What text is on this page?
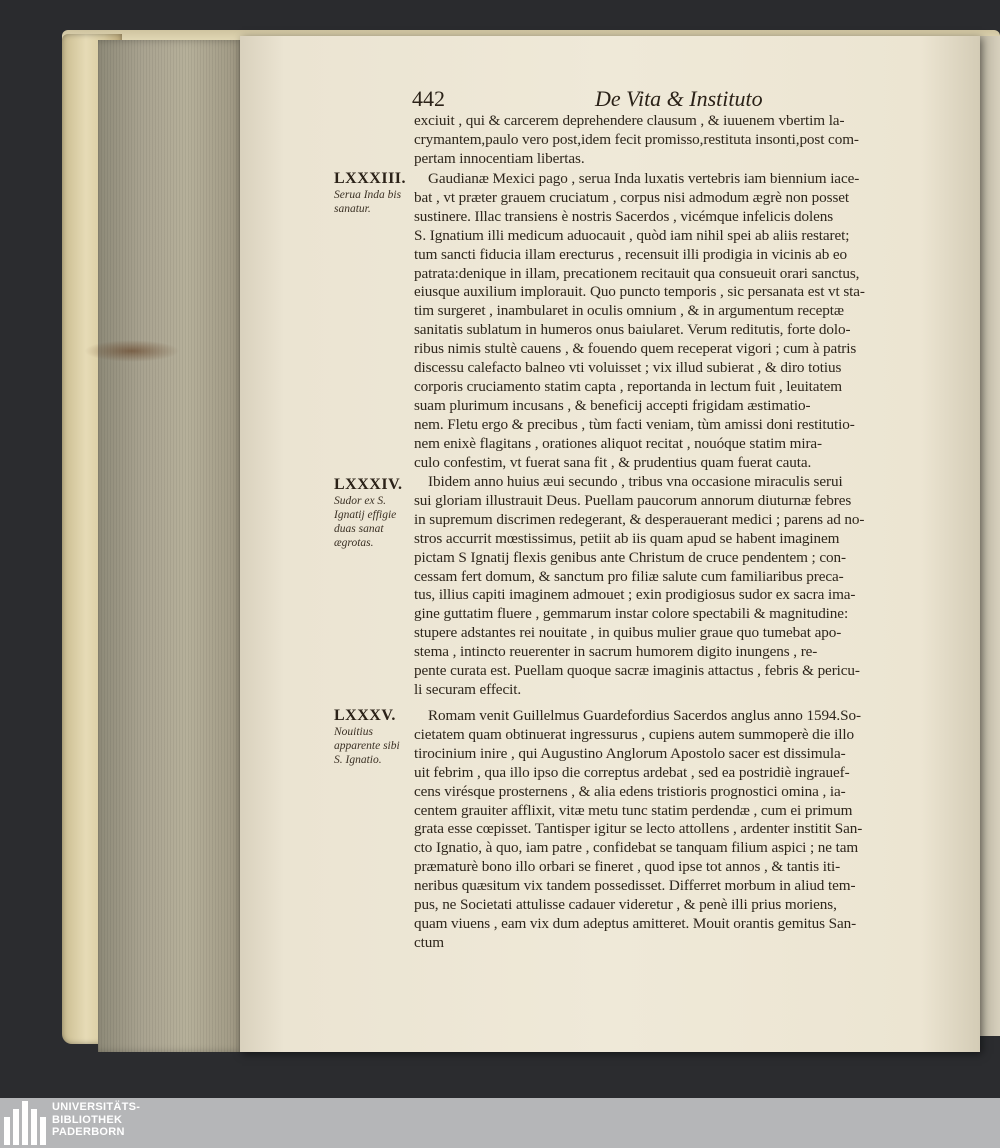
442	De Vita & Instituto
LXXXIII.
Serua Inda bis sanatur.
LXXXIV.
Sudor ex S. Ignatij effigie duas sanat ægrotas.
LXXXV.
Nouitius apparente sibi S. Ignatio.
exciuit , qui & carcerem deprehendere clausum , & iuuenem vbertim la-
crymantem,paulo vero post,idem fecit promisso,restituta insonti,post com-
pertam innocentiam libertas.
Gaudianæ Mexici pago , serua Inda luxatis vertebris iam biennium iace-
bat , vt præter grauem cruciatum , corpus nisi admodum ægrè non posset
sustinere. Illac transiens è nostris Sacerdos , vicémque infelicis dolens
S. Ignatium illi medicum aduocauit , quòd iam nihil spei ab aliis restaret;
tum sancti fiducia illam erecturus , recensuit illi prodigia in vicinis ab eo
patrata:denique in illam, precationem recitauit qua consueuit orari sanctus,
eiusque auxilium implorauit. Quo puncto temporis , sic persanata est vt sta-
tim surgeret , inambularet in oculis omnium , & in argumentum receptæ
sanitatis sublatum in humeros onus baiularet. Verum reditutis, forte dolo-
ribus nimis stultè cauens , & fouendo quem receperat vigori ; cum à patris
discessu calefacto balneo vti voluisset ; vix illud subierat , & diro totius
corporis cruciamento statim capta , reportanda in lectum fuit , leuitatem
suam plurimum incusans , & beneficij accepti frigidam æstimatio-
nem. Fletu ergo & precibus , tùm facti veniam, tùm amissi doni restitutio-
nem enixè flagitans , orationes aliquot recitat , nouóque statim mira-
culo confestim, vt fuerat sana fit , & prudentius quam fuerat cauta.
Ibidem anno huius æui secundo , tribus vna occasione miraculis serui
sui gloriam illustrauit Deus. Puellam paucorum annorum diuturnæ febres
in supremum discrimen redegerant, & desperauerant medici ; parens ad no-
stros accurrit mœstissimus, petiit ab iis quam apud se habent imaginem
pictam S Ignatij flexis genibus ante Christum de cruce pendentem ; con-
cessam fert domum, & sanctum pro filiæ salute cum familiaribus preca-
tus, illius capiti imaginem admouet ; exin prodigiosus sudor ex sacra ima-
gine guttatim fluere , gemmarum instar colore spectabili & magnitudine:
stupere adstantes rei nouitate , in quibus mulier graue quo tumebat apo-
stema , intincto reuerenter in sacrum humorem digito inungens , re-
pente curata est. Puellam quoque sacræ imaginis attactus , febris & pericu-
li securam effecit.
Romam venit Guillelmus Guardefordius Sacerdos anglus anno 1594.So-
cietatem quam obtinuerat ingressurus , cupiens autem summoperè die illo
tirocinium inire , qui Augustino Anglorum Apostolo sacer est dissimula-
uit febrim , qua illo ipso die correptus ardebat , sed ea postridiè ingrauef-
cens virésque prosternens , & alia edens tristioris prognostici omina , ia-
centem grauiter afflixit, vitæ metu tunc statim perdendæ , cum ei primum
grata esse cœpisset. Tantisper igitur se lecto attollens , ardenter institit San-
cto Ignatio, à quo, iam patre , confidebat se tanquam filium aspici ; ne tam
præmaturè bono illo orbari se fineret , quod ipse tot annos , & tantis iti-
neribus quæsitum vix tandem possedisset. Differret morbum in aliud tem-
pus, ne Societati attulisse cadauer videretur , & penè illi prius moriens,
quam viuens , eam vix dum adeptus amitteret. Mouit orantis gemitus San-
ctum
UNIVERSITÄTS-
BIBLIOTHEK
PADERBORN
